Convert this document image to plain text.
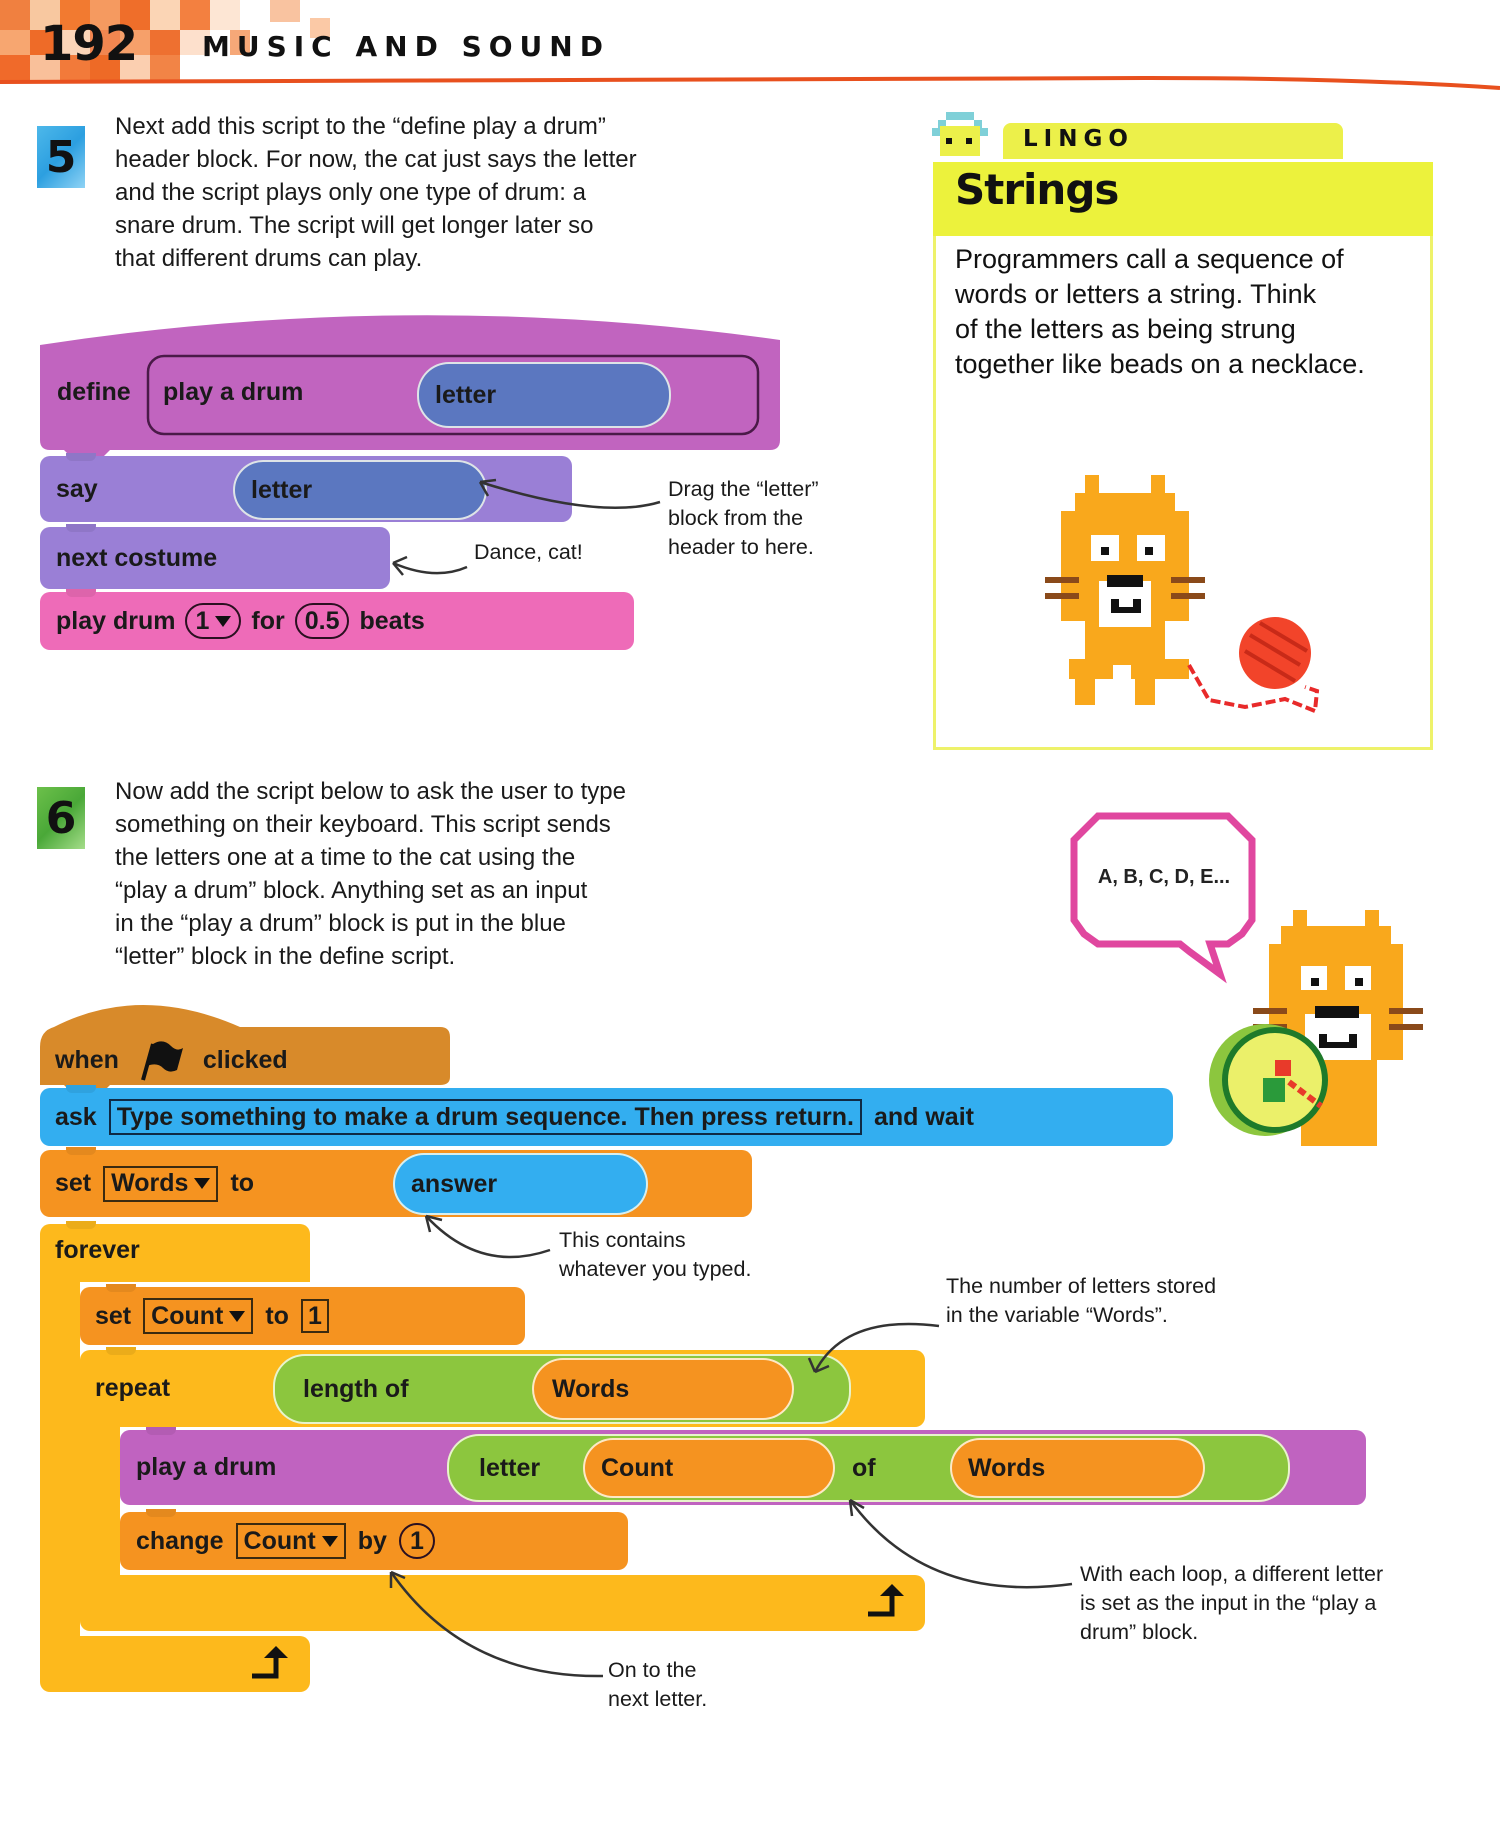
192 MUSIC AND SOUND
5
Next add this script to the “define play a drum”
header block. For now, the cat just says the letter
and the script plays only one type of drum: a
snare drum. The script will get longer later so
that different drums can play.
define play a drum	letter
say	letter
next costume
play drum 1 for 0.5 beats
Drag the “letter”
block from the
header to here.
Dance, cat!
LINGO
Strings
Programmers call a sequence of
words or letters a string. Think
of the letters as being strung
together like beads on a necklace.
6
Now add the script below to ask the user to type
something on their keyboard. This script sends
the letters one at a time to the cat using the
“play a drum” block. Anything set as an input
in the “play a drum” block is put in the blue
“letter” block in the define script.
A, B, C, D, E...
when	clicked
ask Type something to make a drum sequence. Then press return. and wait
set Words to	answer
forever
set Count to 1
repeat	length of	Words
play a drum	letter Count	of	Words
change Count by 1
This contains
whatever you typed.
The number of letters stored
in the variable “Words”.
With each loop, a different letter
is set as the input in the “play a
drum” block.
On to the
next letter.
